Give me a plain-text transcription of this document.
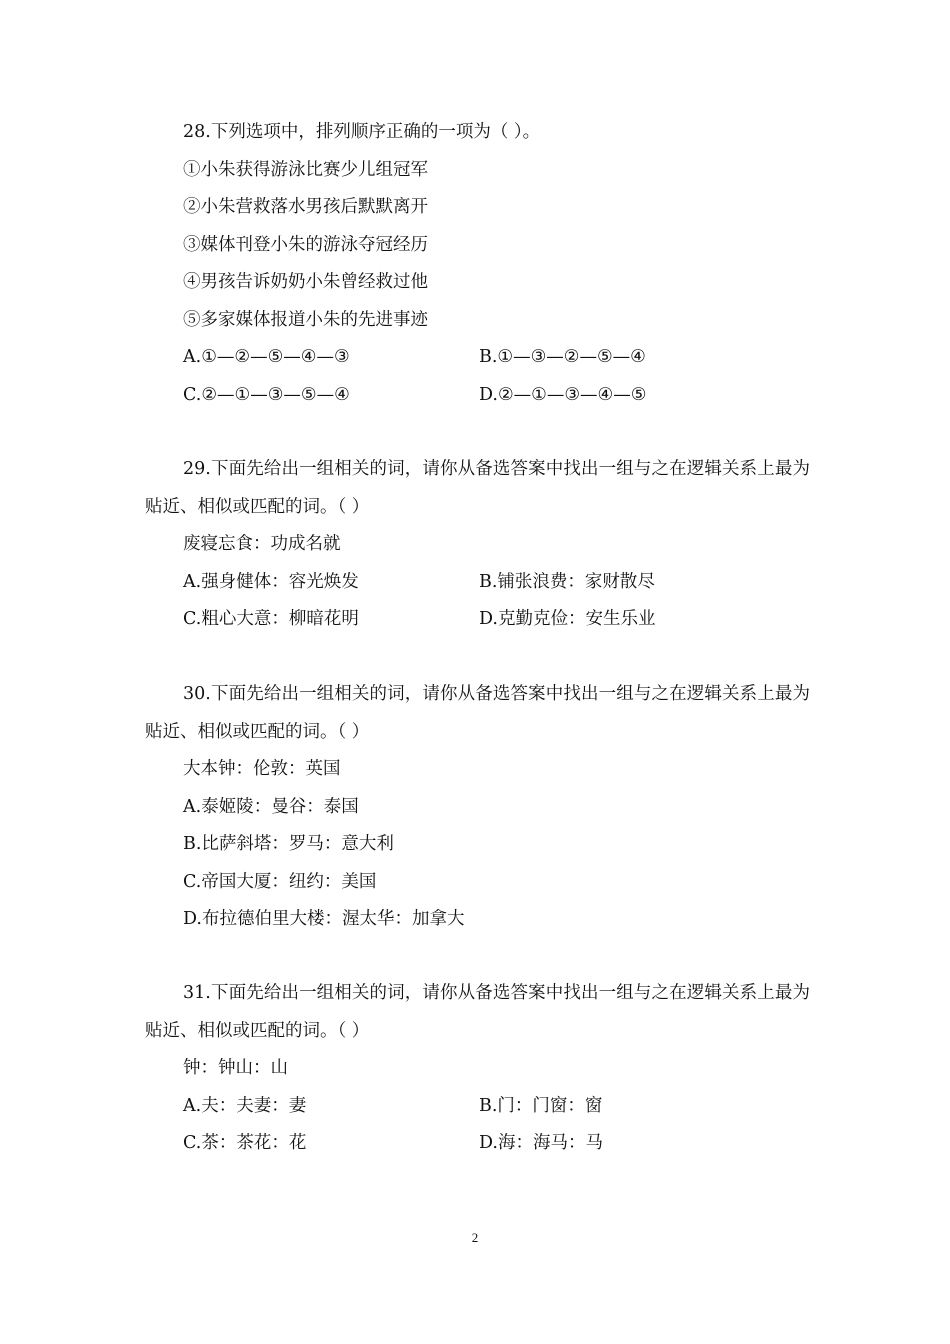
28.下列选项中，排列顺序正确的一项为（ ）。
①小朱获得游泳比赛少儿组冠军
②小朱营救落水男孩后默默离开
③媒体刊登小朱的游泳夺冠经历
④男孩告诉奶奶小朱曾经救过他
⑤多家媒体报道小朱的先进事迹
A.①—②—⑤—④—③	B.①—③—②—⑤—④
C.②—①—③—⑤—④	D.②—①—③—④—⑤
29.下面先给出一组相关的词，请你从备选答案中找出一组与之在逻辑关系上最为贴近、相似或匹配的词。（ ）
废寝忘食：功成名就
A.强身健体：容光焕发	B.铺张浪费：家财散尽
C.粗心大意：柳暗花明	D.克勤克俭：安生乐业
30.下面先给出一组相关的词，请你从备选答案中找出一组与之在逻辑关系上最为贴近、相似或匹配的词。（ ）
大本钟：伦敦：英国
A.泰姬陵：曼谷：泰国
B.比萨斜塔：罗马：意大利
C.帝国大厦：纽约：美国
D.布拉德伯里大楼：渥太华：加拿大
31.下面先给出一组相关的词，请你从备选答案中找出一组与之在逻辑关系上最为贴近、相似或匹配的词。（ ）
钟：钟山：山
A.夫：夫妻：妻	B.门：门窗：窗
C.茶：茶花：花	D.海：海马：马
2
